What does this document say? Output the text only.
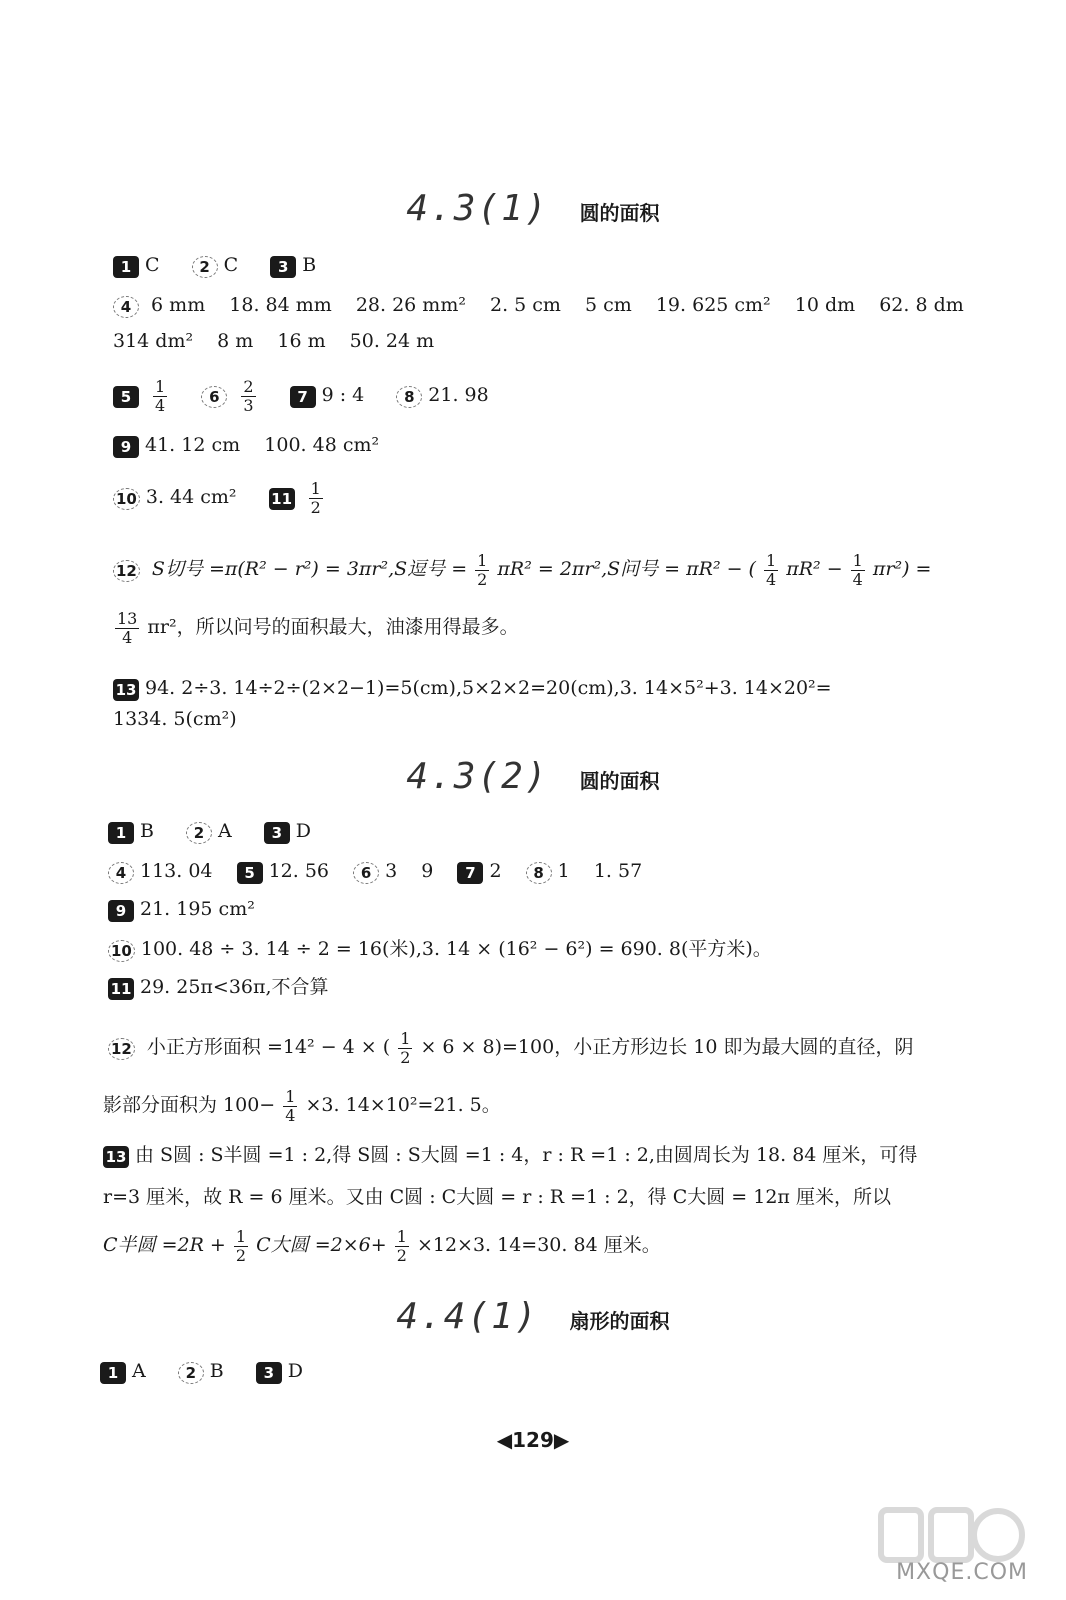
4.3(1) 圆的面积
1 C	2 C	3 B
4 6 mm 18. 84 mm 28. 26 mm² 2. 5 cm 5 cm 19. 625 cm² 10 dm 62. 8 dm
314 dm² 8 m 16 m 50. 24 m
$5 \frac{1}{4}$	$6 \frac{2}{3}$	7 9 : 4	8 21. 98
9 41. 12 cm    100. 48 cm²
10 3. 44 cm² $11 \frac{1}{2}$
12 S切号 =π(R² − r²) = 3πr²,S逗号 = $\frac{1}{2} \pi R^2 = 2\pi r^2,S$问号 = πR² − ( $\frac{1}{4} \pi R^2 - \frac{1}{4} \pi r^2$) =
$\frac{13}{4} \pi r^2$，所以问号的面积最大，油漆用得最多。
13 94. 2÷3. 14÷2÷(2×2−1)=5(cm),5×2×2=20(cm),3. 14×5²+3. 14×20²=
1334. 5(cm²)
4.3(2) 圆的面积
1 B	2 A	3 D
4 113. 04 5 12. 56 6 3    9 7 2 8 1    1. 57
9 21. 195 cm²
10 100. 48 ÷ 3. 14 ÷ 2 = 16(米),3. 14 × (16² − 6²) = 690. 8(平方米)。
11 29. 25π<36π,不合算
12 小正方形面积 =14² − 4 × ( $\frac{1}{2} \times 6 \times 8)=100$，小正方形边长 10 即为最大圆的直径，阴
影部分面积为 $100- \frac{1}{4} \times 3$. 14×10²=21. 5。
13 由 S圆 : S半圆 =1 : 2,得 S圆 : S大圆 =1 : 4，r : R =1 : 2,由圆周长为 18. 84 厘米，可得
r=3 厘米，故 R = 6 厘米。又由 C圆 : C大圆 = r : R =1 : 2，得 C大圆 = 12π 厘米，所以
C半圆 $=2R + \frac{1}{2}$ C大圆 $=2\times 6+ \frac{1}{2} \times 12\times 3$. 14=30. 84 厘米。
4.4(1) 扇形的面积
1 A	2 B	3 D
◀129▶
MXQE.COM
